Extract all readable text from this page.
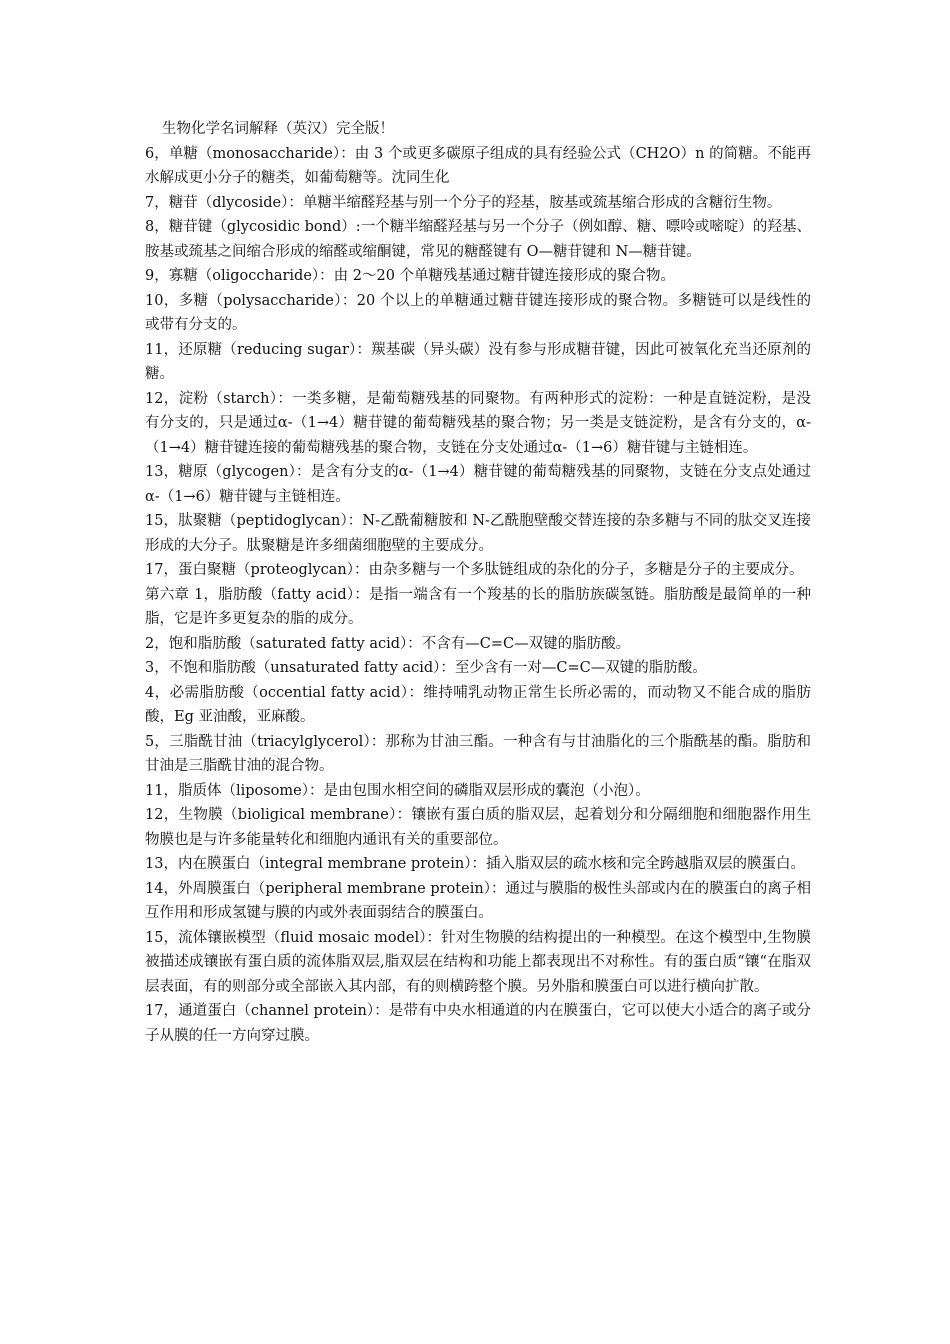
生物化学名词解释（英汉）完全版！

6，单糖（monosaccharide）：由 3 个或更多碳原子组成的具有经验公式（CH2O）n 的简糖。不能再水解成更小分子的糖类，如葡萄糖等。沈同生化

7，糖苷（dlycoside）：单糖半缩醛羟基与别一个分子的羟基，胺基或巯基缩合形成的含糖衍生物。

8，糖苷键（glycosidic bond）:一个糖半缩醛羟基与另一个分子（例如醇、糖、嘌呤或嘧啶）的羟基、胺基或巯基之间缩合形成的缩醛或缩酮键，常见的糖醛键有 O—糖苷键和 N—糖苷键。

9，寡糖（oligoccharide）：由 2～20 个单糖残基通过糖苷键连接形成的聚合物。

10，多糖（polysaccharide）：20 个以上的单糖通过糖苷键连接形成的聚合物。多糖链可以是线性的或带有分支的。

11，还原糖（reducing sugar）：羰基碳（异头碳）没有参与形成糖苷键，因此可被氧化充当还原剂的糖。

12，淀粉（starch）：一类多糖，是葡萄糖残基的同聚物。有两种形式的淀粉：一种是直链淀粉，是没有分支的，只是通过α-（1→4）糖苷键的葡萄糖残基的聚合物；另一类是支链淀粉，是含有分支的，α-（1→4）糖苷键连接的葡萄糖残基的聚合物，支链在分支处通过α-（1→6）糖苷键与主链相连。

13，糖原（glycogen）：是含有分支的α-（1→4）糖苷键的葡萄糖残基的同聚物，支链在分支点处通过α-（1→6）糖苷键与主链相连。

15，肽聚糖（peptidoglycan）：N-乙酰葡糖胺和 N-乙酰胞壁酸交替连接的杂多糖与不同的肽交叉连接形成的大分子。肽聚糖是许多细菌细胞壁的主要成分。

17，蛋白聚糖（proteoglycan）：由杂多糖与一个多肽链组成的杂化的分子，多糖是分子的主要成分。

第六章 1，脂肪酸（fatty acid）：是指一端含有一个羧基的长的脂肪族碳氢链。脂肪酸是最简单的一种脂，它是许多更复杂的脂的成分。

2，饱和脂肪酸（saturated fatty acid）：不含有—C=C—双键的脂肪酸。

3，不饱和脂肪酸（unsaturated fatty acid）：至少含有一对—C=C—双键的脂肪酸。

4，必需脂肪酸（occential fatty acid）：维持哺乳动物正常生长所必需的，而动物又不能合成的脂肪酸，Eg 亚油酸，亚麻酸。

5，三脂酰甘油（triacylglycerol）：那称为甘油三酯。一种含有与甘油脂化的三个脂酰基的酯。脂肪和甘油是三脂酰甘油的混合物。

11，脂质体（liposome）：是由包围水相空间的磷脂双层形成的囊泡（小泡）。

12，生物膜（bioligical membrane）：镶嵌有蛋白质的脂双层，起着划分和分隔细胞和细胞器作用生物膜也是与许多能量转化和细胞内通讯有关的重要部位。

13，内在膜蛋白（integral membrane protein）：插入脂双层的疏水核和完全跨越脂双层的膜蛋白。

14，外周膜蛋白（peripheral membrane protein）：通过与膜脂的极性头部或内在的膜蛋白的离子相互作用和形成氢键与膜的内或外表面弱结合的膜蛋白。

15，流体镶嵌模型（fluid mosaic model）：针对生物膜的结构提出的一种模型。在这个模型中,生物膜被描述成镶嵌有蛋白质的流体脂双层,脂双层在结构和功能上都表现出不对称性。有的蛋白质“镶“在脂双层表面，有的则部分或全部嵌入其内部，有的则横跨整个膜。另外脂和膜蛋白可以进行横向扩散。

17，通道蛋白（channel protein）：是带有中央水相通道的内在膜蛋白，它可以使大小适合的离子或分子从膜的任一方向穿过膜。
